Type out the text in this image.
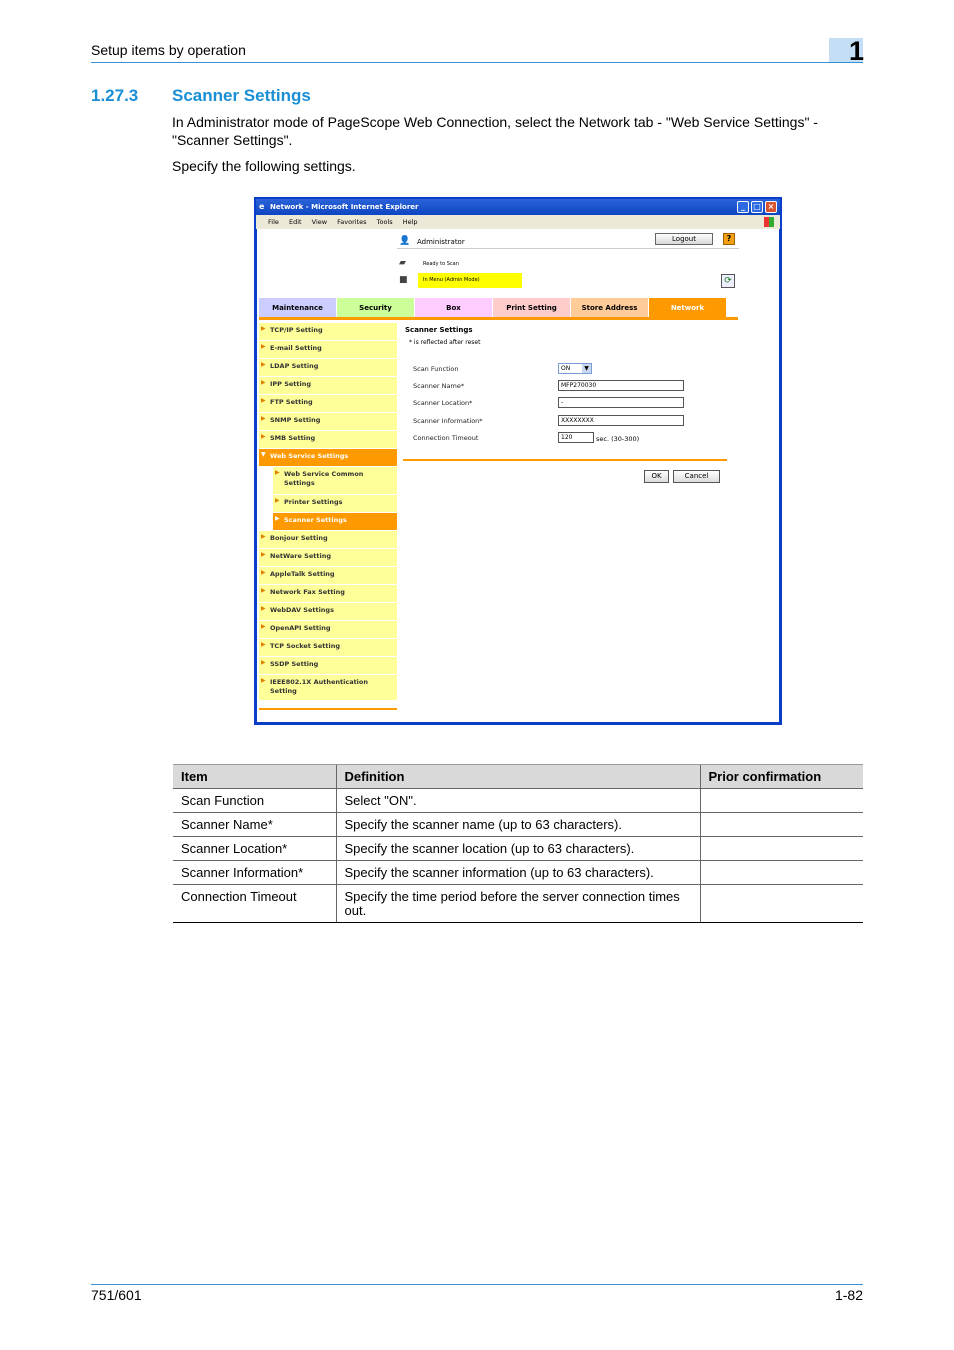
Setup items by operation	1
1.27.3 Scanner Settings
In Administrator mode of PageScope Web Connection, select the Network tab - "Web Service Settings" - "Scanner Settings".
Specify the following settings.
e Network - Microsoft Internet Explorer	_	□ ×
File Edit View Favorites Tools Help
👤 Administrator	Logout	?
▰	Ready to Scan
■	In Menu (Admin Mode)	⟳
Maintenance	Security	Box	Print Setting	Store Address	Network
▶ TCP/IP Setting
▶ E-mail Setting
▶ LDAP Setting
▶ IPP Setting
▶ FTP Setting
▶ SNMP Setting
▶ SMB Setting
▼ Web Service Settings
▶ Web Service Common Settings
▶ Printer Settings
▶ Scanner Settings
▶ Bonjour Setting
▶ NetWare Setting
▶ AppleTalk Setting
▶ Network Fax Setting
▶ WebDAV Settings
▶ OpenAPI Setting
▶ TCP Socket Setting
▶ SSDP Setting
▶ IEEE802.1X Authentication Setting
Scanner Settings
* is reflected after reset
Scan Function	ON	▼
Scanner Name*	MFP270030
Scanner Location*	-
Scanner Information*	XXXXXXXX
Connection Timeout	120	sec. (30-300)
OK	Cancel
Item	Definition	Prior confirmation
Scan Function	Select "ON".	
Scanner Name*	Specify the scanner name (up to 63 characters).	
Scanner Location*	Specify the scanner location (up to 63 characters).	
Scanner Information*	Specify the scanner information (up to 63 characters).	
Connection Timeout	Specify the time period before the server connection times out.	
751/601	1-82
